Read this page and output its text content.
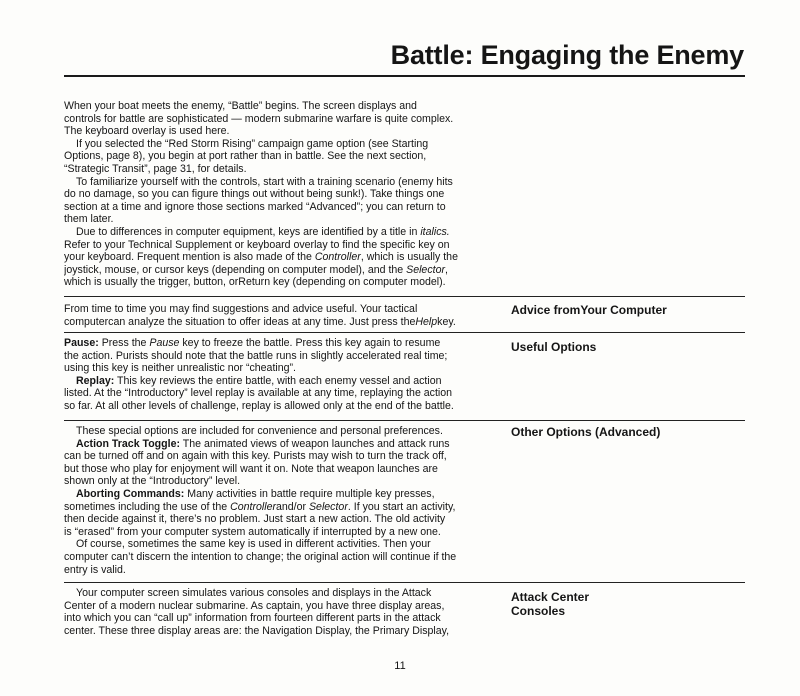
Battle: Engaging the Enemy
When your boat meets the enemy, “Battle” begins. The screen displays and
controls for battle are sophisticated — modern submarine warfare is quite complex.
The keyboard overlay is used here.
If you selected the “Red Storm Rising” campaign game option (see Starting
Options, page 8), you begin at port rather than in battle. See the next section,
“Strategic Transit”, page 31, for details.
To familiarize yourself with the controls, start with a training scenario (enemy hits
do no damage, so you can figure things out without being sunk!). Take things one
section at a time and ignore those sections marked “Advanced”; you can return to
them later.
Due to differences in computer equipment, keys are identified by a title in italics.
Refer to your Technical Supplement or keyboard overlay to find the specific key on
your keyboard. Frequent mention is also made of the Controller, which is usually the
joystick, mouse, or cursor keys (depending on computer model), and the Selector,
which is usually the trigger, button, orReturn key (depending on computer model).
From time to time you may find suggestions and advice useful. Your tactical
computercan analyze the situation to offer ideas at any time. Just press theHelpkey.
Advice fromYour Computer
Pause: Press the Pause key to freeze the battle. Press this key again to resume
the action. Purists should note that the battle runs in slightly accelerated real time;
using this key is neither unrealistic nor “cheating”.
Replay: This key reviews the entire battle, with each enemy vessel and action
listed. At the “Introductory” level replay is available at any time, replaying the action
so far. At all other levels of challenge, replay is allowed only at the end of the battle.
Useful Options
These special options are included for convenience and personal preferences.
Action Track Toggle: The animated views of weapon launches and attack runs
can be turned off and on again with this key. Purists may wish to turn the track off,
but those who play for enjoyment will want it on. Note that weapon launches are
shown only at the “Introductory” level.
Aborting Commands: Many activities in battle require multiple key presses,
sometimes including the use of the Controllerand/or Selector. If you start an activity,
then decide against it, there’s no problem. Just start a new action. The old activity
is “erased” from your computer system automatically if interrupted by a new one.
Of course, sometimes the same key is used in different activities. Then your
computer can’t discern the intention to change; the original action will continue if the
entry is valid.
Other Options (Advanced)
Your computer screen simulates various consoles and displays in the Attack
Center of a modern nuclear submarine. As captain, you have three display areas,
into which you can “call up” information from fourteen different parts in the attack
center. These three display areas are: the Navigation Display, the Primary Display,
Attack Center
Consoles
11
